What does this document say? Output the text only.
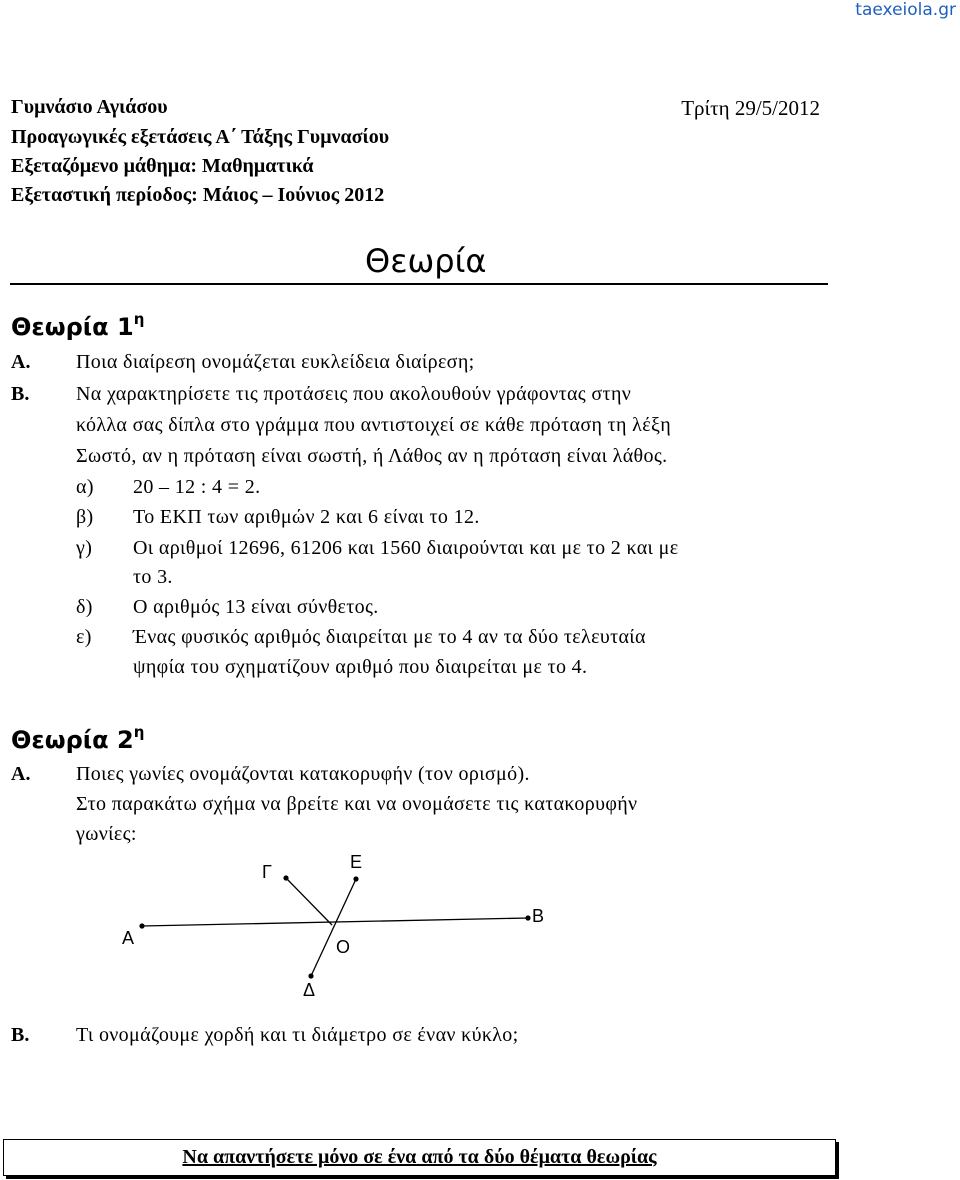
taexeiola.gr
Γυμνάσιο Αγιάσου	Τρίτη 29/5/2012
Προαγωγικές εξετάσεις Α΄ Τάξης Γυμνασίου
Εξεταζόμενο μάθημα: Μαθηματικά
Εξεταστική περίοδος: Μάιος – Ιούνιος 2012
Θεωρία
Θεωρία $1^\eta$
Α. Ποια διαίρεση ονομάζεται ευκλείδεια διαίρεση;
Β. Να χαρακτηρίσετε τις προτάσεις που ακολουθούν γράφοντας στην
κόλλα σας δίπλα στο γράμμα που αντιστοιχεί σε κάθε πρόταση τη λέξη
Σωστό, αν η πρόταση είναι σωστή, ή Λάθος αν η πρόταση είναι λάθος.
α) 20 – 12 : 4 = 2.
β) Το ΕΚΠ των αριθμών 2 και 6 είναι το 12.
γ) Οι αριθμοί 12696, 61206 και 1560 διαιρούνται και με το 2 και με
το 3.
δ) Ο αριθμός 13 είναι σύνθετος.
ε) Ένας φυσικός αριθμός διαιρείται με το 4 αν τα δύο τελευταία
ψηφία του σχηματίζουν αριθμό που διαιρείται με το 4.
Θεωρία $2^\eta$
Α. Ποιες γωνίες ονομάζονται κατακορυφήν (τον ορισμό).
Στο παρακάτω σχήμα να βρείτε και να ονομάσετε τις κατακορυφήν
γωνίες:
Α
Β
Γ	Ε
Ο
Δ
Β. Τι ονομάζουμε χορδή και τι διάμετρο σε έναν κύκλο;
Να απαντήσετε μόνο σε ένα από τα δύο θέματα θεωρίας
